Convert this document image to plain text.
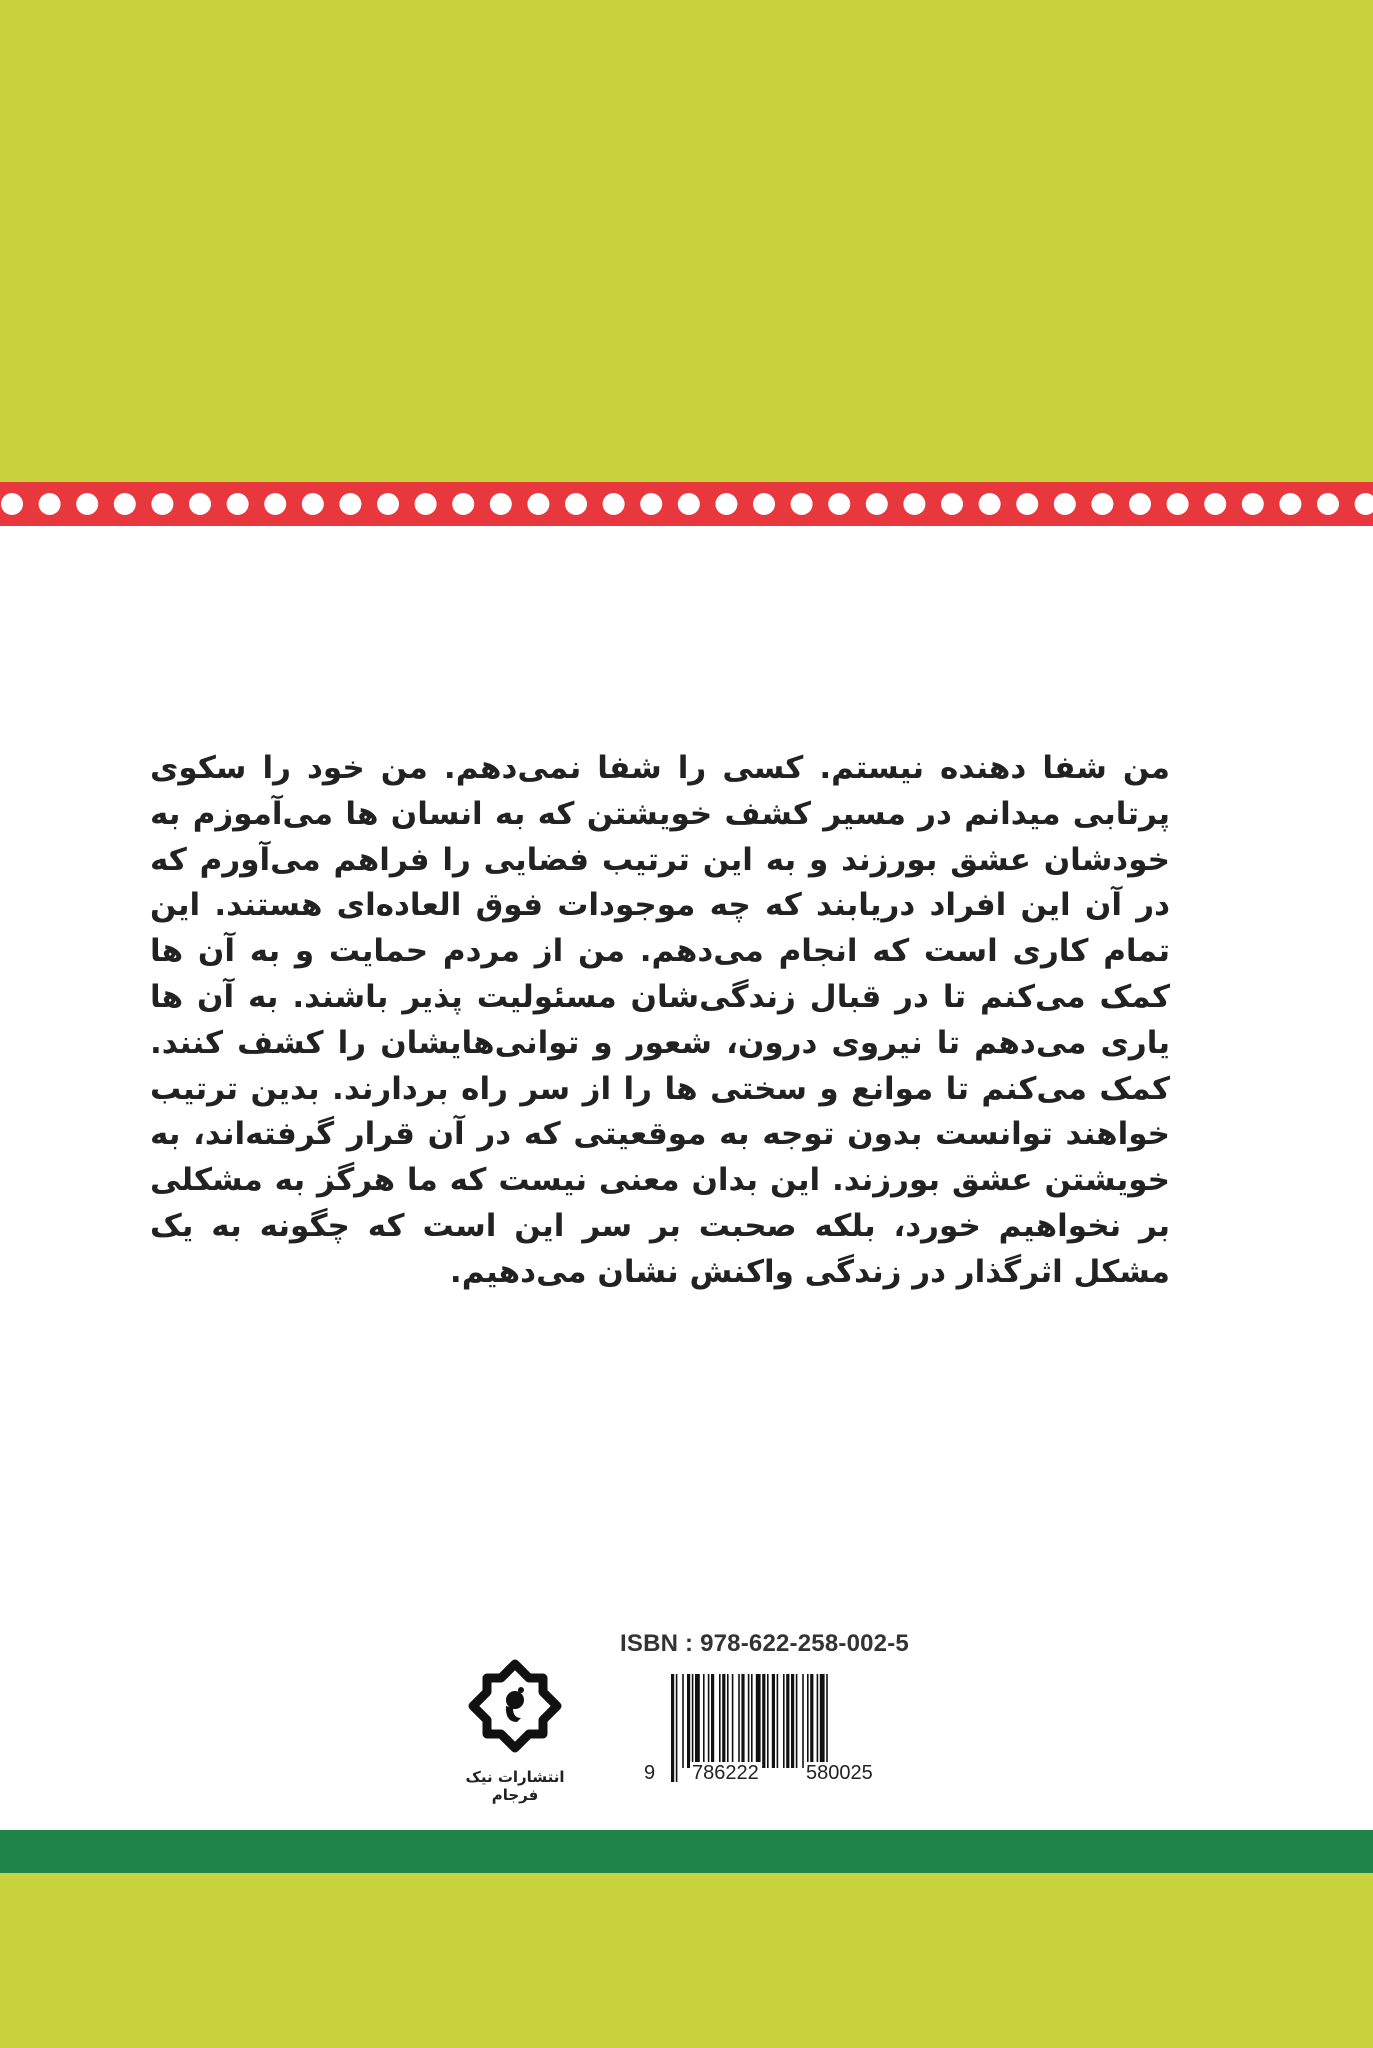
من شفا دهنده نیستم. کسی را شفا نمی‌دهم. من خود را سکوی پرتابی میدانم در مسیر کشف خویشتن که به انسان ها می‌آموزم به خودشان عشق بورزند و به این ترتیب فضایی را فراهم می‌آورم که در آن این افراد دریابند که چه موجودات فوق العاده‌ای هستند. این تمام کاری است که انجام می‌دهم. من از مردم حمایت و به آن ها کمک می‌کنم تا در قبال زندگی‌شان مسئولیت پذیر باشند. به آن ها یاری می‌دهم تا نیروی درون، شعور و توانی‌هایشان را کشف کنند. کمک می‌کنم تا موانع و سختی ها را از سر راه بردارند. بدین ترتیب خواهند توانست بدون توجه به موقعیتی که در آن قرار گرفته‌اند، به خویشتن عشق بورزند. این بدان معنی نیست که ما هرگز به مشکلی بر نخواهیم خورد، بلکه صحبت بر سر این است که چگونه به یک مشکل اثرگذار در زندگی واکنش نشان می‌دهیم.

ISBN : 978-622-258-002-5
9 786222 580025
انتشارات نیک فرجام
